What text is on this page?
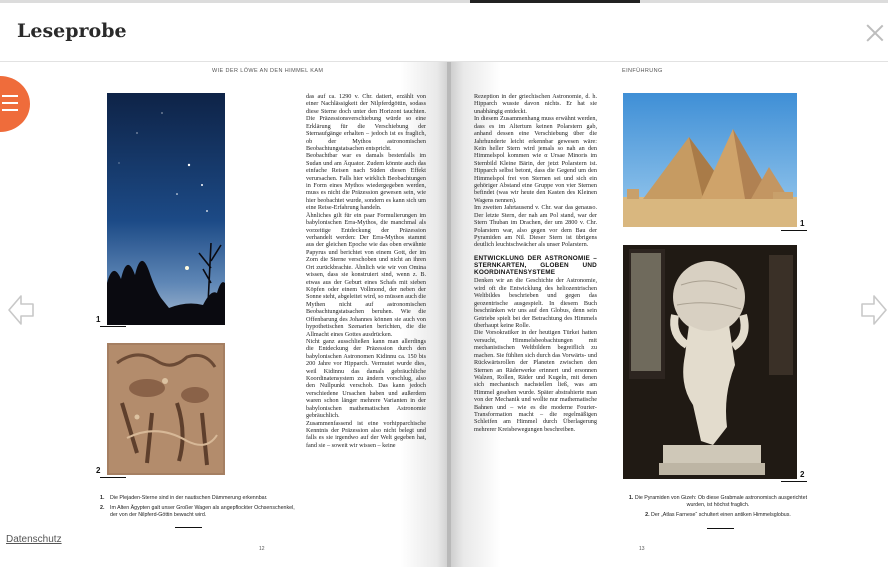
Leseprobe
WIE DER LÖWE AN DEN HIMMEL KAM
1
2
1. Die Plejaden-Sterne sind in der nautischen Dämmerung erkennbar.
2. Im Alten Ägypten galt unser Großer Wagen als angepflockter Ochsenschenkel, der von der Nilpferd-Göttin bewacht wird.

das auf ca. 1290 v. Chr. datiert, erzählt von einer Nachlässigkeit der Nilpferdgöttin, sodass diese Sterne doch unter den Horizont tauchten. Die Präzessionsverschiebung würde so eine Erklärung für die Verschiebung der Sternaufgänge erhalten – jedoch ist es fraglich, ob der Mythos astronomischen Beobachtungstatsachen entspricht.

Beobachtbar war es damals bestenfalls im Sudan und am Äquator. Zudem könnte auch das einfache Reisen nach Süden diesen Effekt verursachen. Falls hier wirklich Beobachtungen in Form eines Mythos wiedergegeben werden, muss es nicht die Präzession gewesen sein, wie hier beobachtet wurde, sondern es kann sich um eine Reise-Erfahrung handeln.

Ähnliches gilt für ein paar Formulierungen im babylonischen Erra-Mythos, die manchmal als vorzeitige Entdeckung der Präzession verhandelt werden: Der Erra-Mythos stammt aus der gleichen Epoche wie das oben erwähnte Papyrus und berichtet von einem Gott, der im Zorn die Sterne verschoben und nicht an ihren Ort zurückbrachte. Ähnlich wie wir von Omina wissen, dass sie konstruiert sind, wenn z. B. etwas aus der Geburt eines Schafs mit sieben Köpfen oder einem Vollmond, der neben der Sonne steht, abgeleitet wird, so müssen auch die Mythen nicht auf astronomischen Beobachtungstatsachen beruhen. Wie die Offenbarung des Johannes können sie auch von hypothetischen Szenarien berichten, die die Allmacht eines Gottes ausdrücken.

Nicht ganz ausschließen kann man allerdings die Entdeckung der Präzession durch den babylonischen Astronomen Kidinnu ca. 150 bis 200 Jahre vor Hipparch. Vermutet wurde dies, weil Kidinnu das damals gebräuchliche Koordinatensystem zu ändern vorschlug, also den Nullpunkt verschob. Das kann jedoch verschiedene Ursachen haben und außerdem waren schon länger mehrere Varianten in der babylonischen mathematischen Astronomie gebräuchlich.

Zusammenfassend ist eine vorhipparchische Kenntnis der Präzession also nicht belegt und falls es sie irgendwo auf der Welt gegeben hat, fand sie – soweit wir wissen – keine

12
EINFÜHRUNG

Rezeption in der griechischen Astronomie, d. h. Hipparch wusste davon nichts. Er hat sie unabhängig entdeckt.

In diesem Zusammenhang muss erwähnt werden, dass es im Altertum keinen Polarstern gab, anhand dessen eine Verschiebung über die Jahrhunderte leicht erkennbar gewesen wäre: Kein heller Stern wird jemals so nah an den Himmelspol kommen wie α Ursae Minoris im Sternbild Kleine Bärin, der jetzt Polarstern ist. Hipparch selbst betont, dass die Gegend um den Himmelspol frei von Sternen sei und sich ein gehöriger Abstand eine Gruppe von vier Sternen befindet (was wir heute den Kasten des Kleinen Wagens nennen).

Im zweiten Jahrtausend v. Chr. war das genauso. Der letzte Stern, der nah am Pol stand, war der Stern Thuban im Drachen, der um 2800 v. Chr. Polarstern war, also gegen vor dem Bau der Pyramiden am Nil. Dieser Stern ist übrigens deutlich leuchtschwächer als unser Polarstern.

ENTWICKLUNG DER ASTRONOMIE – STERNKARTEN, GLOBEN UND KOORDINATENSYSTEME

Denken wir an die Geschichte der Astronomie, wird oft die Entwicklung des heliozentrischen Weltbildes beschrieben und gegen das geozentrische ausgespielt. In diesem Buch beschränken wir uns auf den Globus, denn sein Getriebe spielt bei der Betrachtung des Himmels überhaupt keine Rolle.

Die Vorsokratiker in der heutigen Türkei hatten versucht, Himmelsbeobachtungen mit mechanistischen Weltbildern begreiflich zu machen. Sie fühlten sich durch das Vorwärts- und Rückwärtsrollen der Planeten zwischen den Sternen an Räderwerke erinnert und ersonnen Walzen, Rollen, Räder und Kugeln, mit denen sich mechanisch nachstellen ließ, was am Himmel gesehen wurde. Später abstrahierte man von der Mechanik und wollte nur mathematische Bahnen und – wie es die moderne Fourier-Transformation macht – die regelmäßigen Schleifen am Himmel durch Überlagerung mehrerer Kreisbewegungen beschreiben.

1
2
1. Die Pyramiden von Gizeh: Ob diese Grabmale astronomisch ausgerichtet wurden, ist höchst fraglich.
2. Der „Atlas Farnese“ schultert einen antiken Himmelsglobus.
13
Datenschutz
